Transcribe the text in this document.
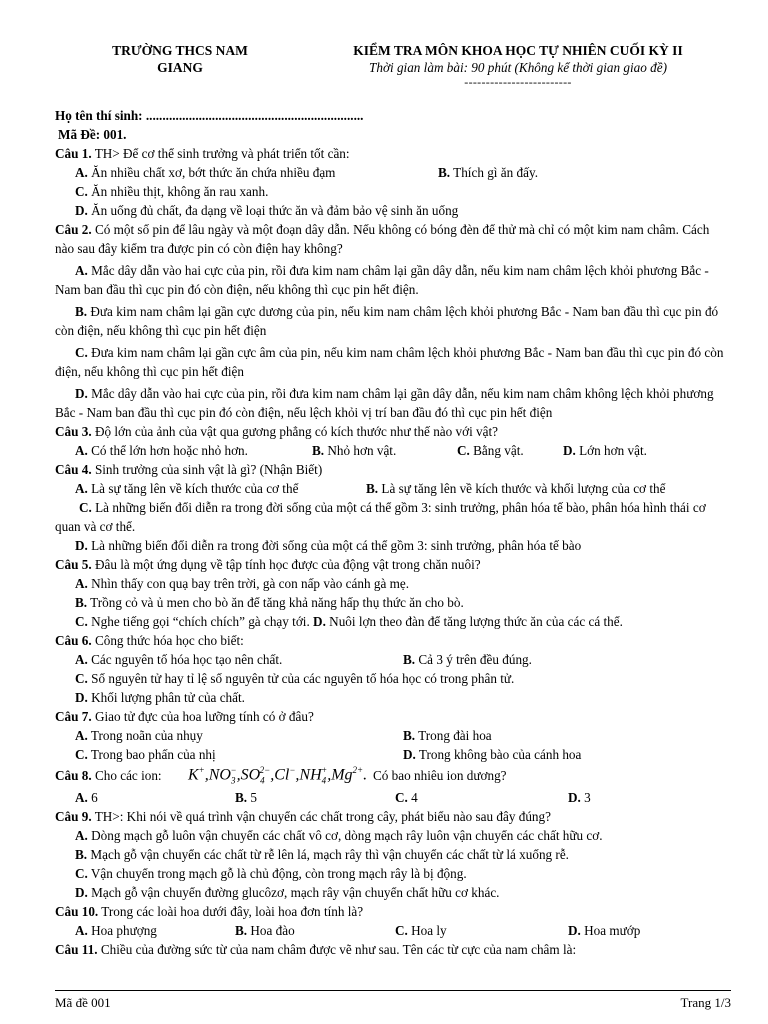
TRƯỜNG THCS NAM
GIANG
KIỂM TRA MÔN KHOA HỌC TỰ NHIÊN CUỐI KỲ II
Thời gian làm bài: 90 phút (Không kể thời gian giao đề)
-------------------------
Họ tên thí sinh: ..................................................................
Mã Đề: 001.
Câu 1. TH> Để cơ thể sinh trưởng và phát triển tốt cần:
A. Ăn nhiều chất xơ, bớt thức ăn chứa nhiều đạm	B. Thích gì ăn đấy.
C. Ăn nhiều thịt, không ăn rau xanh.
D. Ăn uống đủ chất, đa dạng về loại thức ăn và đảm bảo vệ sinh ăn uống
Câu 2. Có một số pin để lâu ngày và một đoạn dây dẫn. Nếu không có bóng đèn để thử mà chỉ có một kim nam châm. Cách nào sau đây kiểm tra được pin có còn điện hay không?
A. Mắc dây dẫn vào hai cực của pin, rồi đưa kim nam châm lại gần dây dẫn, nếu kim nam châm lệch khỏi phương Bắc - Nam ban đầu thì cục pin đó còn điện, nếu không thì cục pin hết điện.
B. Đưa kim nam châm lại gần cực dương của pin, nếu kim nam châm lệch khỏi phương Bắc - Nam ban đầu thì cục pin đó còn điện, nếu không thì cục pin hết điện
C. Đưa kim nam châm lại gần cực âm của pin, nếu kim nam châm lệch khỏi phương Bắc - Nam ban đầu thì cục pin đó còn điện, nếu không thì cục pin hết điện
D. Mắc dây dẫn vào hai cực của pin, rồi đưa kim nam châm lại gần dây dẫn, nếu kim nam châm không lệch khỏi phương Bắc - Nam ban đầu thì cục pin đó còn điện, nếu lệch khỏi vị trí ban đầu đó thì cục pin hết điện
Câu 3. Độ lớn của ảnh của vật qua gương phẳng có kích thước như thế nào với vật?
A. Có thể lớn hơn hoặc nhỏ hơn.	B. Nhỏ hơn vật.	C. Bằng vật.	D. Lớn hơn vật.
Câu 4. Sinh trưởng của sinh vật là gì? (Nhận Biết)
A. Là sự tăng lên về kích thước của cơ thể	B. Là sự tăng lên về kích thước và khối lượng của cơ thể
C. Là những biến đổi diễn ra trong đời sống của một cá thể gồm 3: sinh trưởng, phân hóa tế bào, phân hóa hình thái cơ quan và cơ thể.
D. Là những biến đổi diễn ra trong đời sống của một cá thể gồm 3: sinh trưởng, phân hóa tế bào
Câu 5. Đâu là một ứng dụng về tập tính học được của động vật trong chăn nuôi?
A. Nhìn thấy con quạ bay trên trời, gà con nấp vào cánh gà mẹ.
B. Trồng cỏ và ủ men cho bò ăn để tăng khả năng hấp thụ thức ăn cho bò.
C. Nghe tiếng gọi “chích chích” gà chạy tới. D. Nuôi lợn theo đàn để tăng lượng thức ăn của các cá thể.
Câu 6. Công thức hóa học cho biết:
A. Các nguyên tố hóa học tạo nên chất.	B. Cả 3 ý trên đều đúng.
C. Số nguyên tử hay tỉ lệ số nguyên tử của các nguyên tố hóa học có trong phân tử.
D. Khối lượng phân tử của chất.
Câu 7. Giao tử đực của hoa lưỡng tính có ở đâu?
A. Trong noãn của nhụy	B. Trong đài hoa
C. Trong bao phấn của nhị	D. Trong không bào của cánh hoa
Câu 8. Cho các ion: $K^+,NO_3^-,SO_4^{2-},Cl^-,NH_4^+,Mg^{2+}$. Có bao nhiêu ion dương?
A. 6	B. 5	C. 4	D. 3
Câu 9. TH>: Khi nói về quá trình vận chuyển các chất trong cây, phát biểu nào sau đây đúng?
A. Dòng mạch gỗ luôn vận chuyển các chất vô cơ, dòng mạch rây luôn vận chuyển các chất hữu cơ.
B. Mạch gỗ vận chuyển các chất từ rễ lên lá, mạch rây thì vận chuyển các chất từ lá xuống rễ.
C. Vận chuyển trong mạch gỗ là chủ động, còn trong mạch rây là bị động.
D. Mạch gỗ vận chuyển đường glucôzơ, mạch rây vận chuyển chất hữu cơ khác.
Câu 10. Trong các loài hoa dưới đây, loài hoa đơn tính là?
A. Hoa phượng	B. Hoa đào	C. Hoa ly	D. Hoa mướp
Câu 11. Chiều của đường sức từ của nam châm được vẽ như sau. Tên các từ cực của nam châm là:
Mã đề 001	Trang 1/3
